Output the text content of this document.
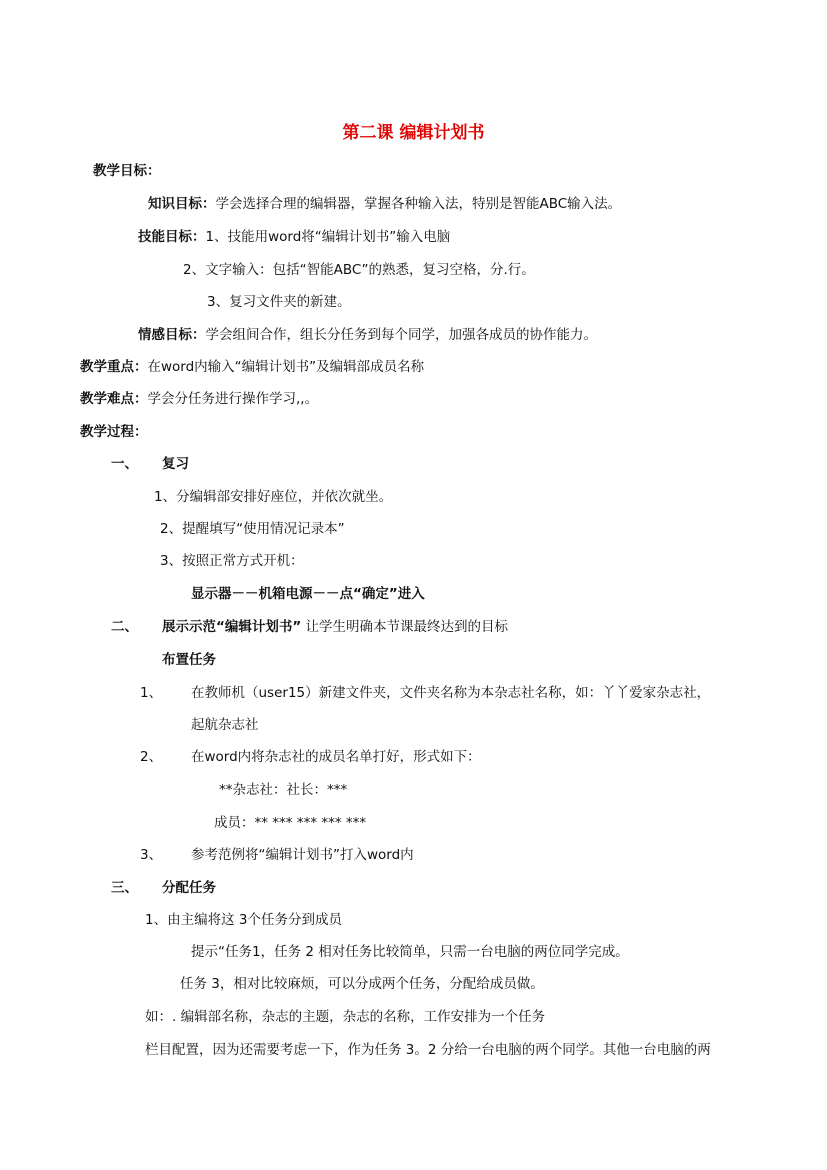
第二课 编辑计划书
教学目标：
知识目标：学会选择合理的编辑器，掌握各种输入法，特别是智能ABC输入法。
技能目标：1、技能用word将“编辑计划书”输入电脑
2、文字输入：包括“智能ABC”的熟悉，复习空格，分.行。
3、复习文件夹的新建。
情感目标：学会组间合作，组长分任务到每个同学，加强各成员的协作能力。
教学重点：在word内输入“编辑计划书”及编辑部成员名称
教学难点：学会分任务进行操作学习,,。
教学过程：
一、 复习
1、分编辑部安排好座位，并依次就坐。
2、提醒填写“使用情况记录本”
3、按照正常方式开机：
显示器－－机箱电源－－点“确定”进入
二、 展示示范“编辑计划书” 让学生明确本节课最终达到的目标
布置任务
1、 在教师机（user15）新建文件夹，文件夹名称为本杂志社名称，如：丫丫爱家杂志社，
起航杂志社
2、 在word内将杂志社的成员名单打好，形式如下：
**杂志社：社长：***
成员：** *** *** *** ***
3、 参考范例将“编辑计划书”打入word内
三、 分配任务
1、由主编将这 3个任务分到成员
提示“任务1，任务 2 相对任务比较简单，只需一台电脑的两位同学完成。
任务 3，相对比较麻烦，可以分成两个任务，分配给成员做。
如：. 编辑部名称，杂志的主题，杂志的名称，工作安排为一个任务
栏目配置，因为还需要考虑一下，作为任务 3。2 分给一台电脑的两个同学。其他一台电脑的两
